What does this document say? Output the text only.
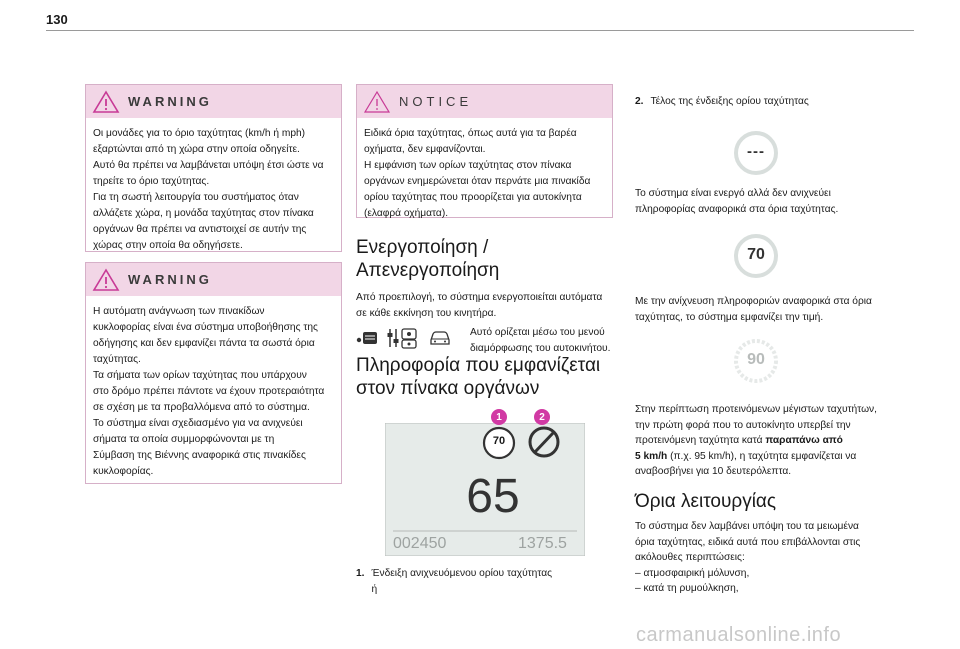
130
WARNING
Οι μονάδες για το όριο ταχύτητας (km/h ή mph)
εξαρτώνται από τη χώρα στην οποία οδηγείτε.
Αυτό θα πρέπει να λαμβάνεται υπόψη έτσι ώστε να
τηρείτε το όριο ταχύτητας.
Για τη σωστή λειτουργία του συστήματος όταν
αλλάζετε χώρα, η μονάδα ταχύτητας στον πίνακα
οργάνων θα πρέπει να αντιστοιχεί σε αυτήν της
χώρας στην οποία θα οδηγήσετε.
WARNING
Η αυτόματη ανάγνωση των πινακίδων
κυκλοφορίας είναι ένα σύστημα υποβοήθησης της
οδήγησης και δεν εμφανίζει πάντα τα σωστά όρια
ταχύτητας.
Τα σήματα των ορίων ταχύτητας που υπάρχουν
στο δρόμο πρέπει πάντοτε να έχουν προτεραιότητα
σε σχέση με τα προβαλλόμενα από το σύστημα.
Το σύστημα είναι σχεδιασμένο για να ανιχνεύει
σήματα τα οποία συμμορφώνονται με τη
Σύμβαση της Βιέννης αναφορικά στις πινακίδες
κυκλοφορίας.
NOTICE
Ειδικά όρια ταχύτητας, όπως αυτά για τα βαρέα
οχήματα, δεν εμφανίζονται.
Η εμφάνιση των ορίων ταχύτητας στον πίνακα
οργάνων ενημερώνεται όταν περνάτε μια πινακίδα
ορίου ταχύτητας που προορίζεται για αυτοκίνητα
(ελαφρά οχήματα).
Ενεργοποίηση /
Απενεργοποίηση
Από προεπιλογή, το σύστημα ενεργοποιείται αυτόματα
σε κάθε εκκίνηση του κινητήρα.
Αυτό ορίζεται μέσω του μενού
διαμόρφωσης του αυτοκινήτου.
Πληροφορία που εμφανίζεται
στον πίνακα οργάνων
1	2
70
65
002450	1375.5
1. Ένδειξη ανιχνευόμενου ορίου ταχύτητας
ή
2. Τέλος της ένδειξης ορίου ταχύτητας
---
Το σύστημα είναι ενεργό αλλά δεν ανιχνεύει
πληροφορίας αναφορικά στα όρια ταχύτητας.
70
Με την ανίχνευση πληροφοριών αναφορικά στα όρια
ταχύτητας, το σύστημα εμφανίζει την τιμή.
90
Στην περίπτωση προτεινόμενων μέγιστων ταχυτήτων,
την πρώτη φορά που το αυτοκίνητο υπερβεί την
προτεινόμενη ταχύτητα κατά παραπάνω από
5 km/h (π.χ. 95 km/h), η ταχύτητα εμφανίζεται να
αναβοσβήνει για 10 δευτερόλεπτα.
Όρια λειτουργίας
Το σύστημα δεν λαμβάνει υπόψη του τα μειωμένα
όρια ταχύτητας, ειδικά αυτά που επιβάλλονται στις
ακόλουθες περιπτώσεις:
– ατμοσφαιρική μόλυνση,
– κατά τη ρυμούλκηση,
carmanualsonline.info
